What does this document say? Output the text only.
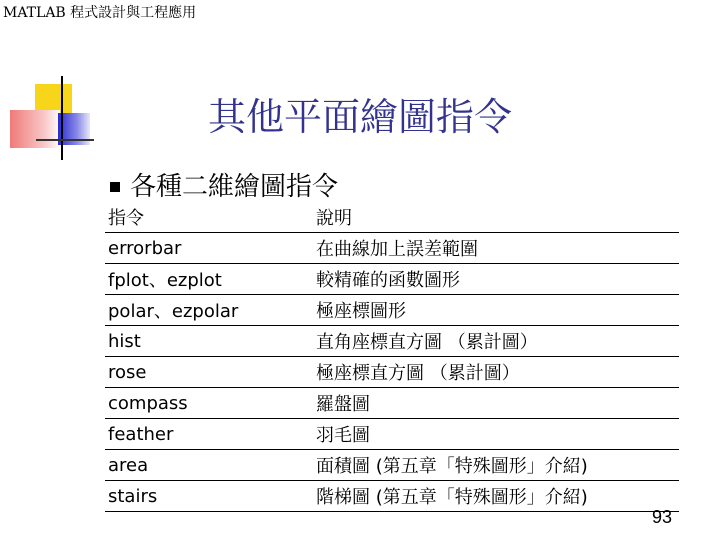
MATLAB 程式設計與工程應用
其他平面繪圖指令
各種二維繪圖指令
指令	說明
errorbar	在曲線加上誤差範圍
fplot、ezplot	較精確的函數圖形
polar、ezpolar	極座標圖形
hist	直角座標直方圖 （累計圖）
rose	極座標直方圖 （累計圖）
compass	羅盤圖
feather	羽毛圖
area	面積圖 (第五章「特殊圖形」介紹)
stairs	階梯圖 (第五章「特殊圖形」介紹)
93
